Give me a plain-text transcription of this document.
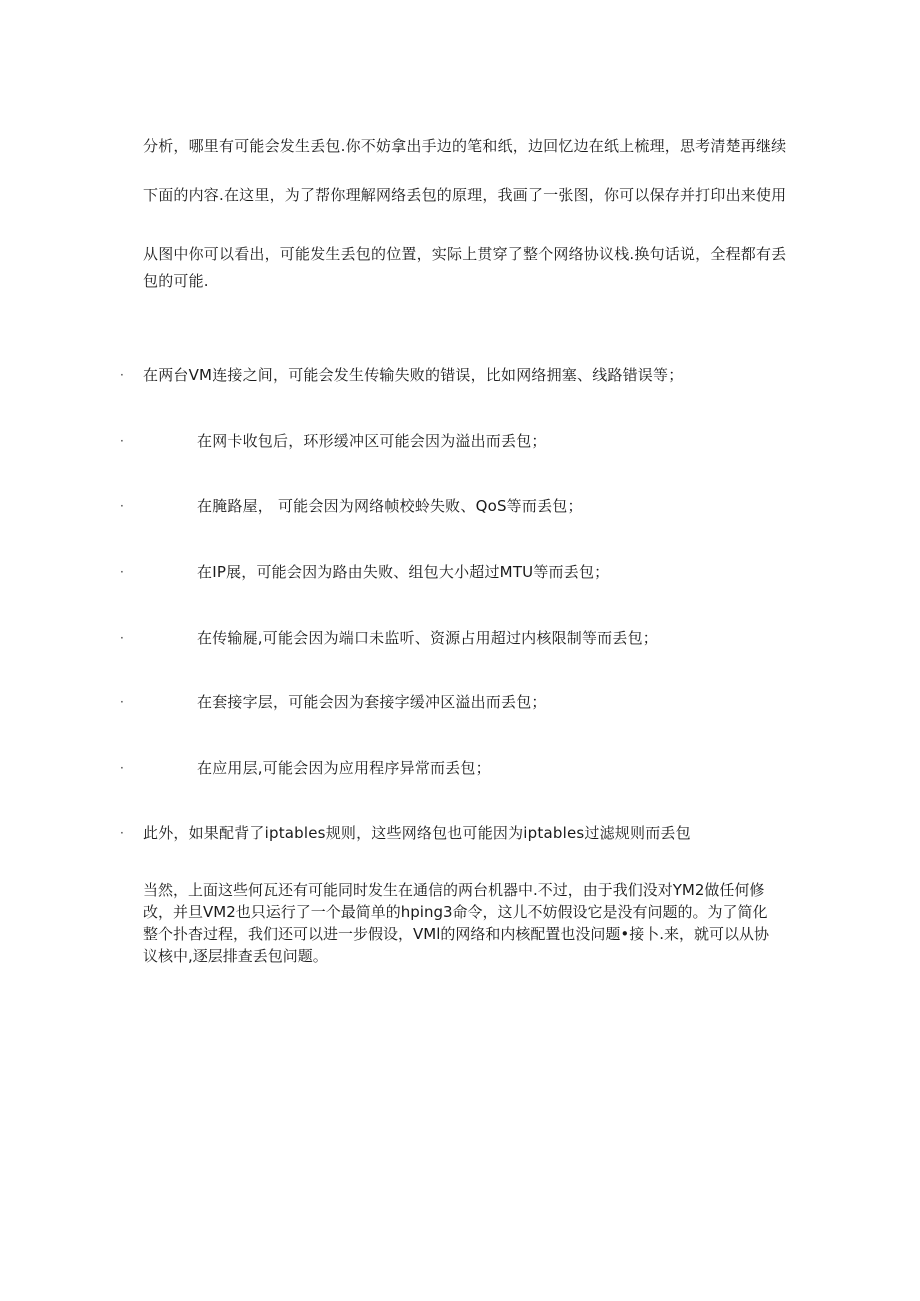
分析，哪里有可能会发生丢包.你不妨拿出手边的笔和纸，边回忆边在纸上梳理，思考清楚再继续
下面的内容.在这里，为了帮你理解网络丢包的原理，我画了一张图，你可以保存并打印出来使用
从图中你可以看出，可能发生丢包的位置，实际上贯穿了整个网络协议栈.换句话说，全程都有丢
包的可能.
· 在两台VM连接之间，可能会发生传输失败的错误，比如网络拥塞、线路错误等；
·	在网卡收包后，环形缓冲区可能会因为溢出而丢包；
·	在腌路屋， 可能会因为网络帧校蛉失败、QoS等而丢包；
·	在IP展，可能会因为路由失败、组包大小超过MTU等而丢包；
·	在传输屣,可能会因为端口未监听、资源占用超过内核限制等而丢包；
·	在套接字层，可能会因为套接字缓冲区溢出而丢包；
·	在应用层,可能会因为应用程序异常而丢包；
· 此外，如果配背了iptables规则，这些网络包也可能因为iptables过滤规则而丢包
当然，上面这些何瓦还有可能同时发生在通信的两台机器中.不过，由于我们没对YM2做任何修
改，并旦VM2也只运行了一个最简单的hping3命令，这儿不妨假设它是没有问题的。为了简化
整个扑杳过程，我们还可以进一步假设，VMl的网络和内核配置也没问题•接卜.来，就可以从协
议核中,逐层排查丢包问题。
